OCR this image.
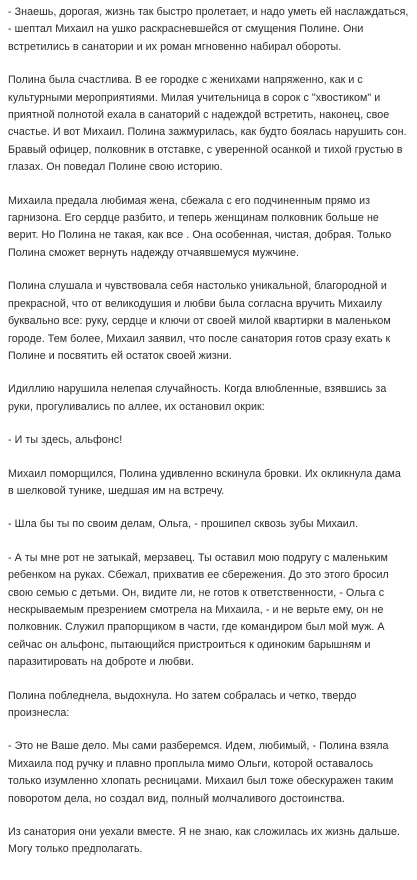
- Знаешь, дорогая, жизнь так быстро пролетает, и надо уметь ей наслаждаться, - шептал Михаил на ушко раскрасневшейся от смущения Полине. Они встретились в санатории и их роман мгновенно набирал обороты.

Полина была счастлива. В ее городке с женихами напряженно, как и с культурными мероприятиями. Милая учительница в сорок с "хвостиком" и приятной полнотой ехала в санаторий с надеждой встретить, наконец, свое счастье. И вот Михаил. Полина зажмурилась, как будто боялась нарушить сон. Бравый офицер, полковник в отставке, с уверенной осанкой и тихой грустью в глазах. Он поведал Полине свою историю.

Михаила предала любимая жена, сбежала с его подчиненным прямо из гарнизона. Его сердце разбито, и теперь женщинам полковник больше не верит. Но Полина не такая, как все . Она особенная, чистая, добрая. Только Полина сможет вернуть надежду отчаявшемуся мужчине.

Полина слушала и чувствовала себя настолько уникальной, благородной и прекрасной, что от великодушия и любви была согласна вручить Михаилу буквально все: руку, сердце и ключи от своей милой квартирки в маленьком городе. Тем более, Михаил заявил, что после санатория готов сразу ехать к Полине и посвятить ей остаток своей жизни.

Идиллию нарушила нелепая случайность. Когда влюбленные, взявшись за руки, прогуливались по аллее, их остановил окрик:

- И ты здесь, альфонс!

Михаил поморщился, Полина удивленно вскинула бровки. Их окликнула дама в шелковой тунике, шедшая им на встречу.

- Шла бы ты по своим делам, Ольга, - прошипел сквозь зубы Михаил.

- А ты мне рот не затыкай, мерзавец. Ты оставил мою подругу с маленьким ребенком на руках. Сбежал, прихватив ее сбережения. До это этого бросил свою семью с детьми. Он, видите ли, не готов к ответственности, - Ольга с нескрываемым презрением смотрела на Михаила, - и не верьте ему, он не полковник. Служил прапорщиком в части, где командиром был мой муж. А сейчас он альфонс, пытающийся пристроиться к одиноким барышням и паразитировать на доброте и любви.

Полина побледнела, выдохнула. Но затем собралась и четко, твердо произнесла:

- Это не Ваше дело. Мы сами разберемся. Идем, любимый, - Полина взяла Михаила под ручку и плавно проплыла мимо Ольги, которой оставалось только изумленно хлопать ресницами. Михаил был тоже обескуражен таким поворотом дела, но создал вид, полный молчаливого достоинства.

Из санатория они уехали вместе. Я не знаю, как сложилась их жизнь дальше. Могу только предполагать.
